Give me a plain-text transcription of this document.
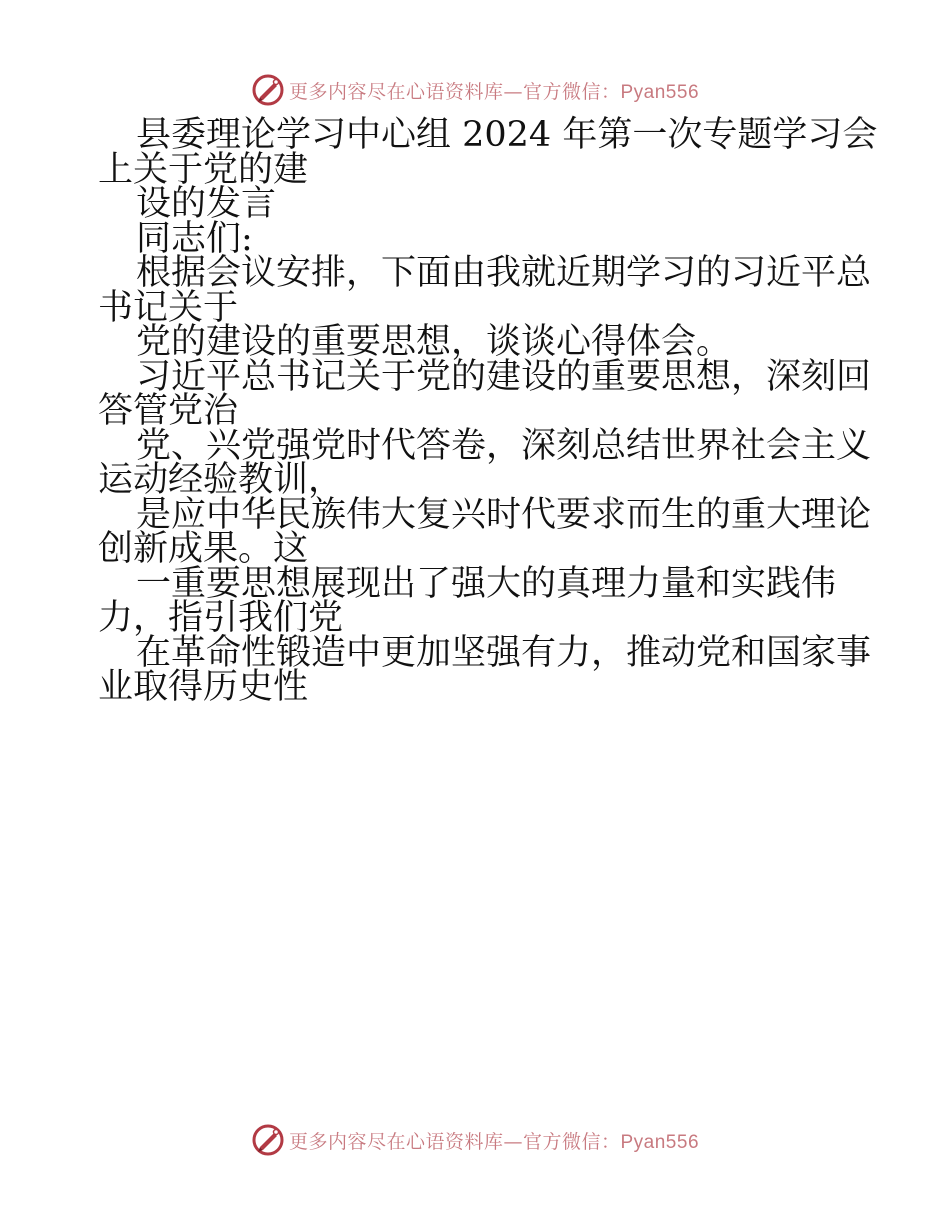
更多内容尽在心语资料库—官方微信：Pyan556

县委理论学习中心组 2024 年第一次专题学习会

上关于党的建

设的发言

同志们:

根据会议安排，下面由我就近期学习的习近平总

书记关于

党的建设的重要思想，谈谈心得体会。

习近平总书记关于党的建设的重要思想，深刻回

答管党治

党、兴党强党时代答卷，深刻总结世界社会主义

运动经验教训，

是应中华民族伟大复兴时代要求而生的重大理论

创新成果。这

一重要思想展现出了强大的真理力量和实践伟

力，指引我们党

在革命性锻造中更加坚强有力，推动党和国家事

业取得历史性

更多内容尽在心语资料库—官方微信：Pyan556
